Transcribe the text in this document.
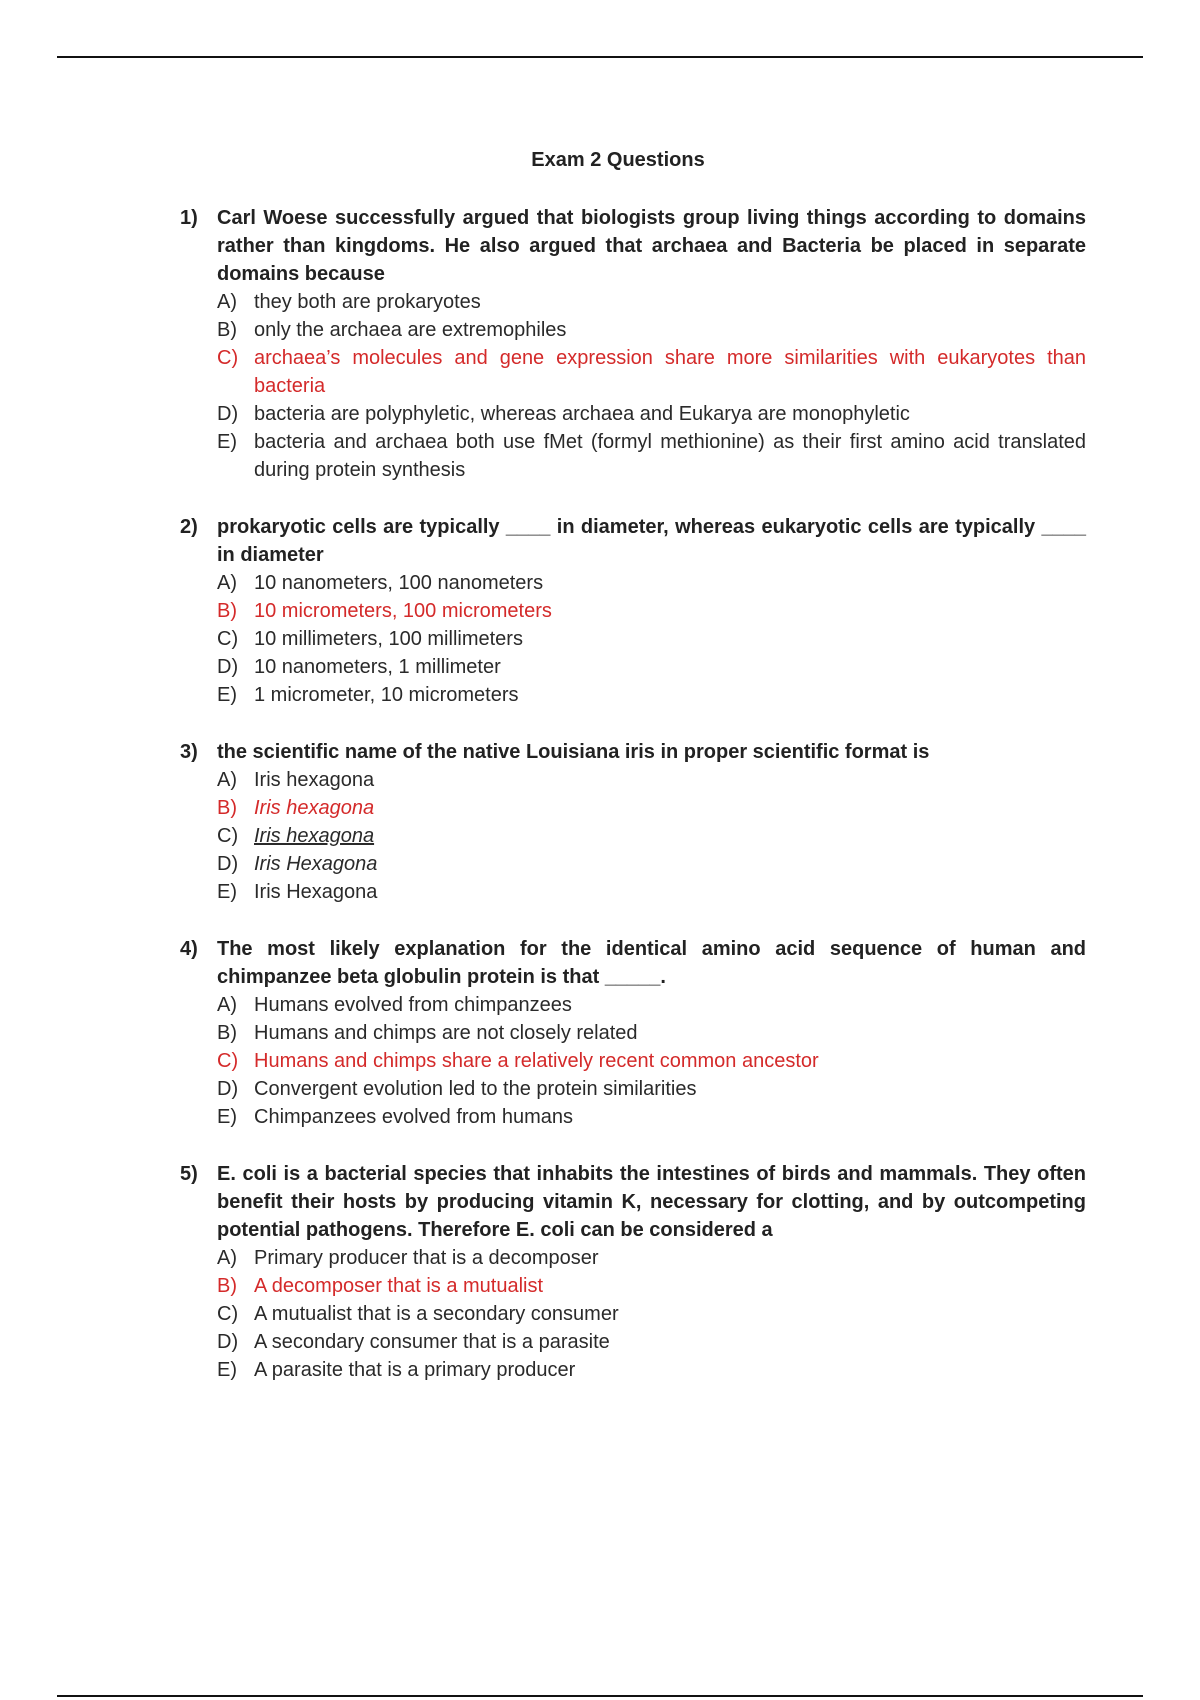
Exam 2 Questions
1) Carl Woese successfully argued that biologists group living things according to domains rather than kingdoms. He also argued that archaea and Bacteria be placed in separate domains because
A) they both are prokaryotes
B) only the archaea are extremophiles
C) archaea’s molecules and gene expression share more similarities with eukaryotes than bacteria
D) bacteria are polyphyletic, whereas archaea and Eukarya are monophyletic
E) bacteria and archaea both use fMet (formyl methionine) as their first amino acid translated during protein synthesis
2) prokaryotic cells are typically ____ in diameter, whereas eukaryotic cells are typically ____ in diameter
A) 10 nanometers, 100 nanometers
B) 10 micrometers, 100 micrometers
C) 10 millimeters, 100 millimeters
D) 10 nanometers, 1 millimeter
E) 1 micrometer, 10 micrometers
3) the scientific name of the native Louisiana iris in proper scientific format is
A) Iris hexagona
B) Iris hexagona
C) Iris hexagona
D) Iris Hexagona
E) Iris Hexagona
4) The most likely explanation for the identical amino acid sequence of human and chimpanzee beta globulin protein is that _____.
A) Humans evolved from chimpanzees
B) Humans and chimps are not closely related
C) Humans and chimps share a relatively recent common ancestor
D) Convergent evolution led to the protein similarities
E) Chimpanzees evolved from humans
5) E. coli is a bacterial species that inhabits the intestines of birds and mammals. They often benefit their hosts by producing vitamin K, necessary for clotting, and by outcompeting potential pathogens. Therefore E. coli can be considered a
A) Primary producer that is a decomposer
B) A decomposer that is a mutualist
C) A mutualist that is a secondary consumer
D) A secondary consumer that is a parasite
E) A parasite that is a primary producer
